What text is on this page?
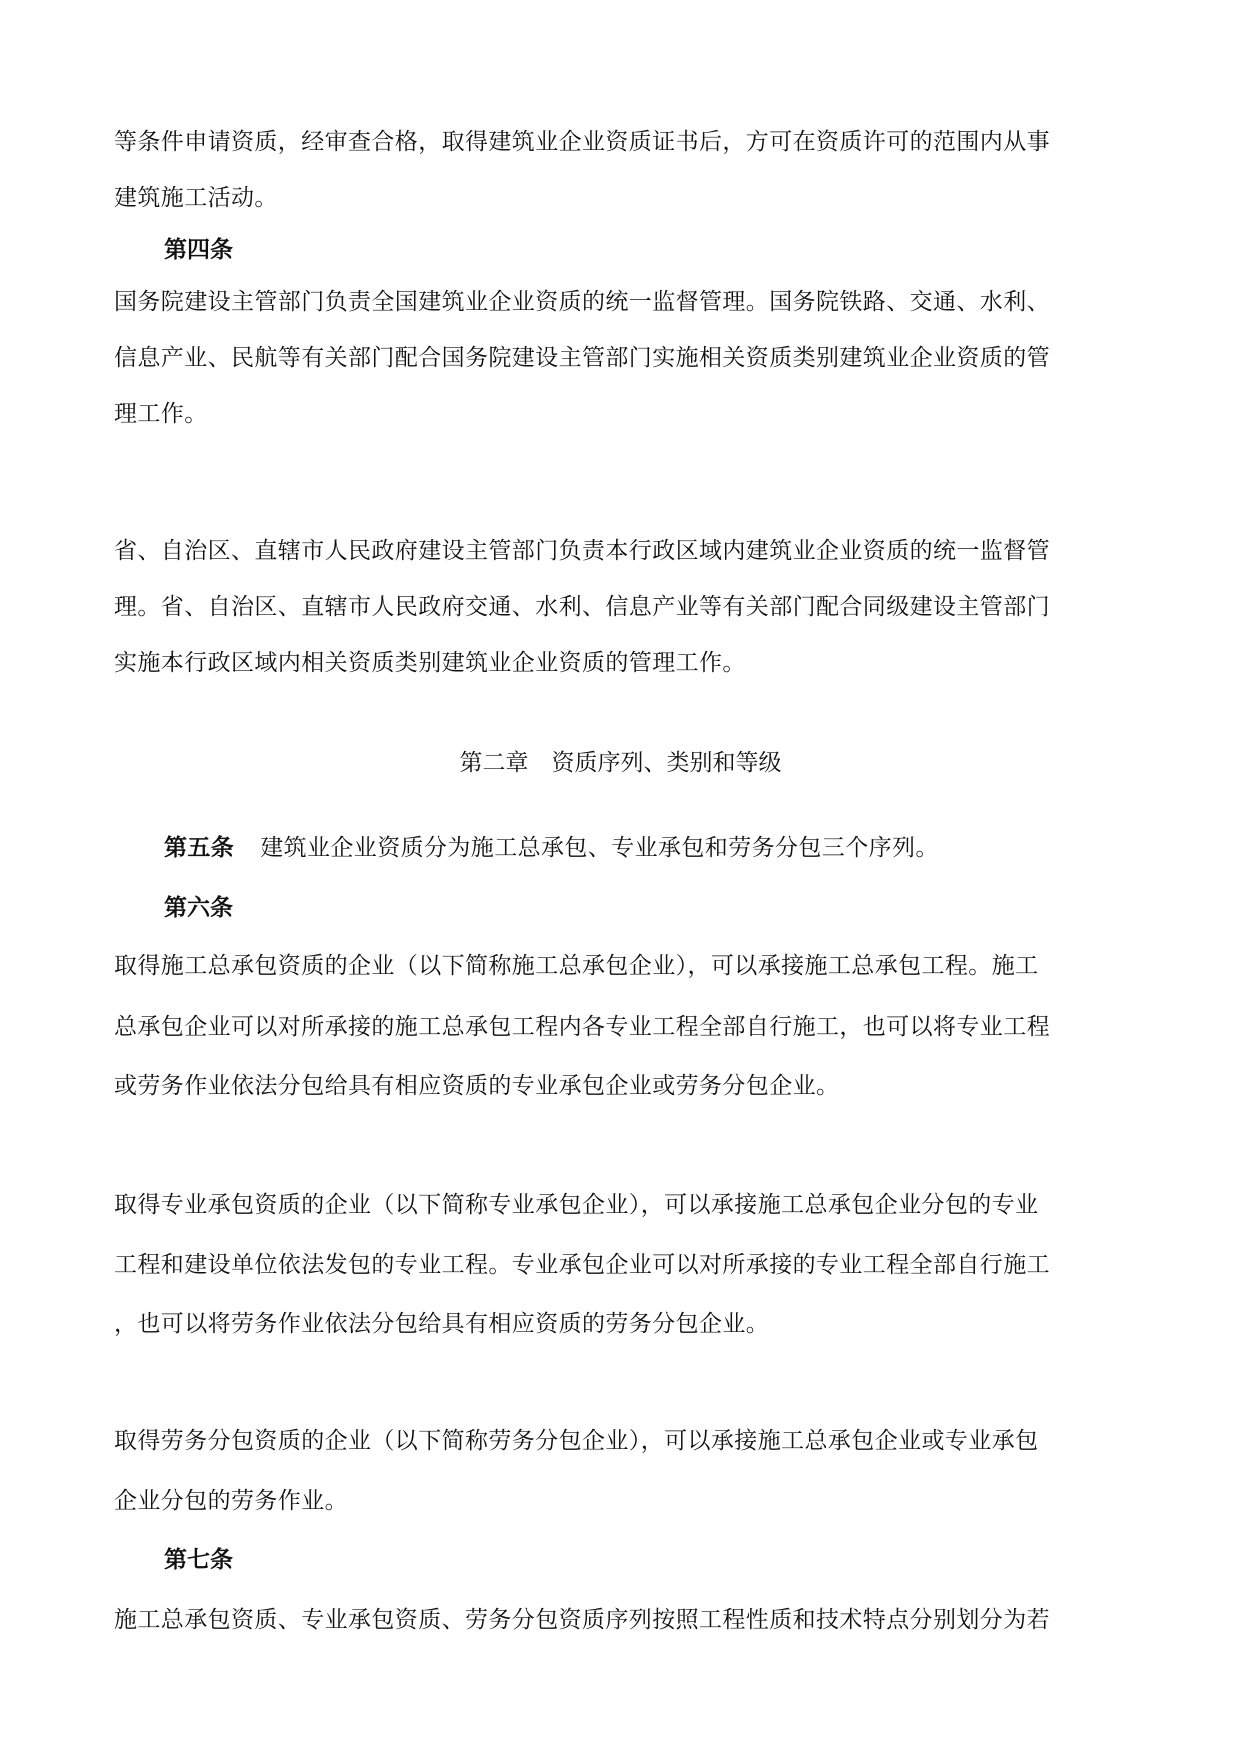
等条件申请资质，经审查合格，取得建筑业企业资质证书后，方可在资质许可的范围内从事
建筑施工活动。
第四条
国务院建设主管部门负责全国建筑业企业资质的统一监督管理。国务院铁路、交通、水利、
信息产业、民航等有关部门配合国务院建设主管部门实施相关资质类别建筑业企业资质的管
理工作。
省、自治区、直辖市人民政府建设主管部门负责本行政区域内建筑业企业资质的统一监督管
理。省、自治区、直辖市人民政府交通、水利、信息产业等有关部门配合同级建设主管部门
实施本行政区域内相关资质类别建筑业企业资质的管理工作。
第二章　资质序列、类别和等级
第五条 建筑业企业资质分为施工总承包、专业承包和劳务分包三个序列。
第六条
取得施工总承包资质的企业（以下简称施工总承包企业），可以承接施工总承包工程。施工
总承包企业可以对所承接的施工总承包工程内各专业工程全部自行施工，也可以将专业工程
或劳务作业依法分包给具有相应资质的专业承包企业或劳务分包企业。
取得专业承包资质的企业（以下简称专业承包企业），可以承接施工总承包企业分包的专业
工程和建设单位依法发包的专业工程。专业承包企业可以对所承接的专业工程全部自行施工
，也可以将劳务作业依法分包给具有相应资质的劳务分包企业。
取得劳务分包资质的企业（以下简称劳务分包企业），可以承接施工总承包企业或专业承包
企业分包的劳务作业。
第七条
施工总承包资质、专业承包资质、劳务分包资质序列按照工程性质和技术特点分别划分为若
